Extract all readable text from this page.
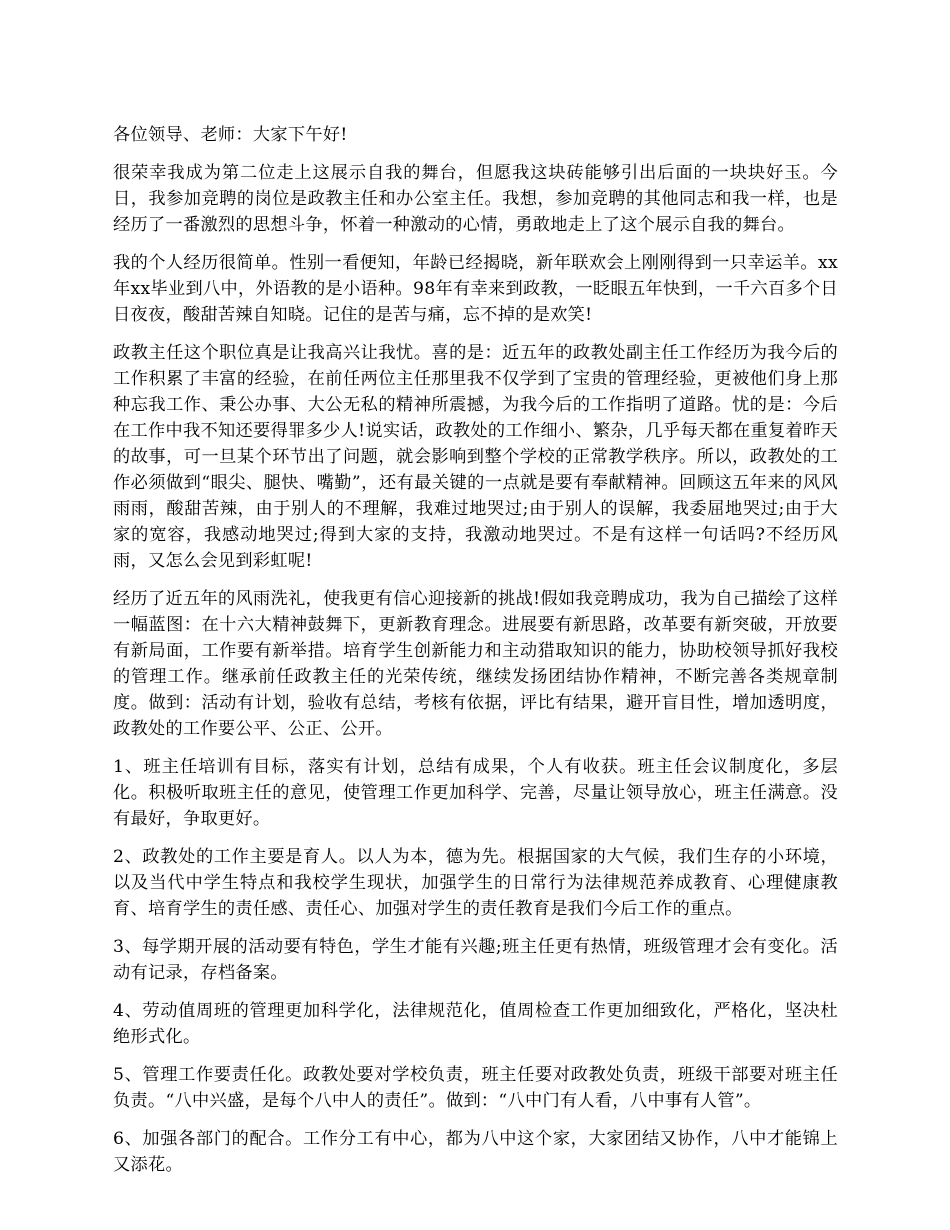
各位领导、老师：大家下午好!

很荣幸我成为第二位走上这展示自我的舞台，但愿我这块砖能够引出后面的一块块好玉。今日，我参加竞聘的岗位是政教主任和办公室主任。我想，参加竞聘的其他同志和我一样，也是经历了一番激烈的思想斗争，怀着一种激动的心情，勇敢地走上了这个展示自我的舞台。

我的个人经历很简单。性别一看便知，年龄已经揭晓，新年联欢会上刚刚得到一只幸运羊。xx年xx毕业到八中，外语教的是小语种。98年有幸来到政教，一眨眼五年快到，一千六百多个日日夜夜，酸甜苦辣自知晓。记住的是苦与痛，忘不掉的是欢笑!

政教主任这个职位真是让我高兴让我忧。喜的是：近五年的政教处副主任工作经历为我今后的工作积累了丰富的经验，在前任两位主任那里我不仅学到了宝贵的管理经验，更被他们身上那种忘我工作、秉公办事、大公无私的精神所震撼，为我今后的工作指明了道路。忧的是：今后在工作中我不知还要得罪多少人!说实话，政教处的工作细小、繁杂，几乎每天都在重复着昨天的故事，可一旦某个环节出了问题，就会影响到整个学校的正常教学秩序。所以，政教处的工作必须做到“眼尖、腿快、嘴勤”，还有最关键的一点就是要有奉献精神。回顾这五年来的风风雨雨，酸甜苦辣，由于别人的不理解，我难过地哭过;由于别人的误解，我委屈地哭过;由于大家的宽容，我感动地哭过;得到大家的支持，我激动地哭过。不是有这样一句话吗?不经历风雨，又怎么会见到彩虹呢!

经历了近五年的风雨洗礼，使我更有信心迎接新的挑战!假如我竞聘成功，我为自己描绘了这样一幅蓝图：在十六大精神鼓舞下，更新教育理念。进展要有新思路，改革要有新突破，开放要有新局面，工作要有新举措。培育学生创新能力和主动猎取知识的能力，协助校领导抓好我校的管理工作。继承前任政教主任的光荣传统，继续发扬团结协作精神，不断完善各类规章制度。做到：活动有计划，验收有总结，考核有依据，评比有结果，避开盲目性，增加透明度，政教处的工作要公平、公正、公开。

1、班主任培训有目标，落实有计划，总结有成果，个人有收获。班主任会议制度化，多层化。积极听取班主任的意见，使管理工作更加科学、完善，尽量让领导放心，班主任满意。没有最好，争取更好。

2、政教处的工作主要是育人。以人为本，德为先。根据国家的大气候，我们生存的小环境，以及当代中学生特点和我校学生现状，加强学生的日常行为法律规范养成教育、心理健康教育、培育学生的责任感、责任心、加强对学生的责任教育是我们今后工作的重点。

3、每学期开展的活动要有特色，学生才能有兴趣;班主任更有热情，班级管理才会有变化。活动有记录，存档备案。

4、劳动值周班的管理更加科学化，法律规范化，值周检查工作更加细致化，严格化，坚决杜绝形式化。

5、管理工作要责任化。政教处要对学校负责，班主任要对政教处负责，班级干部要对班主任负责。“八中兴盛，是每个八中人的责任”。做到：“八中门有人看，八中事有人管”。

6、加强各部门的配合。工作分工有中心，都为八中这个家，大家团结又协作，八中才能锦上又添花。
